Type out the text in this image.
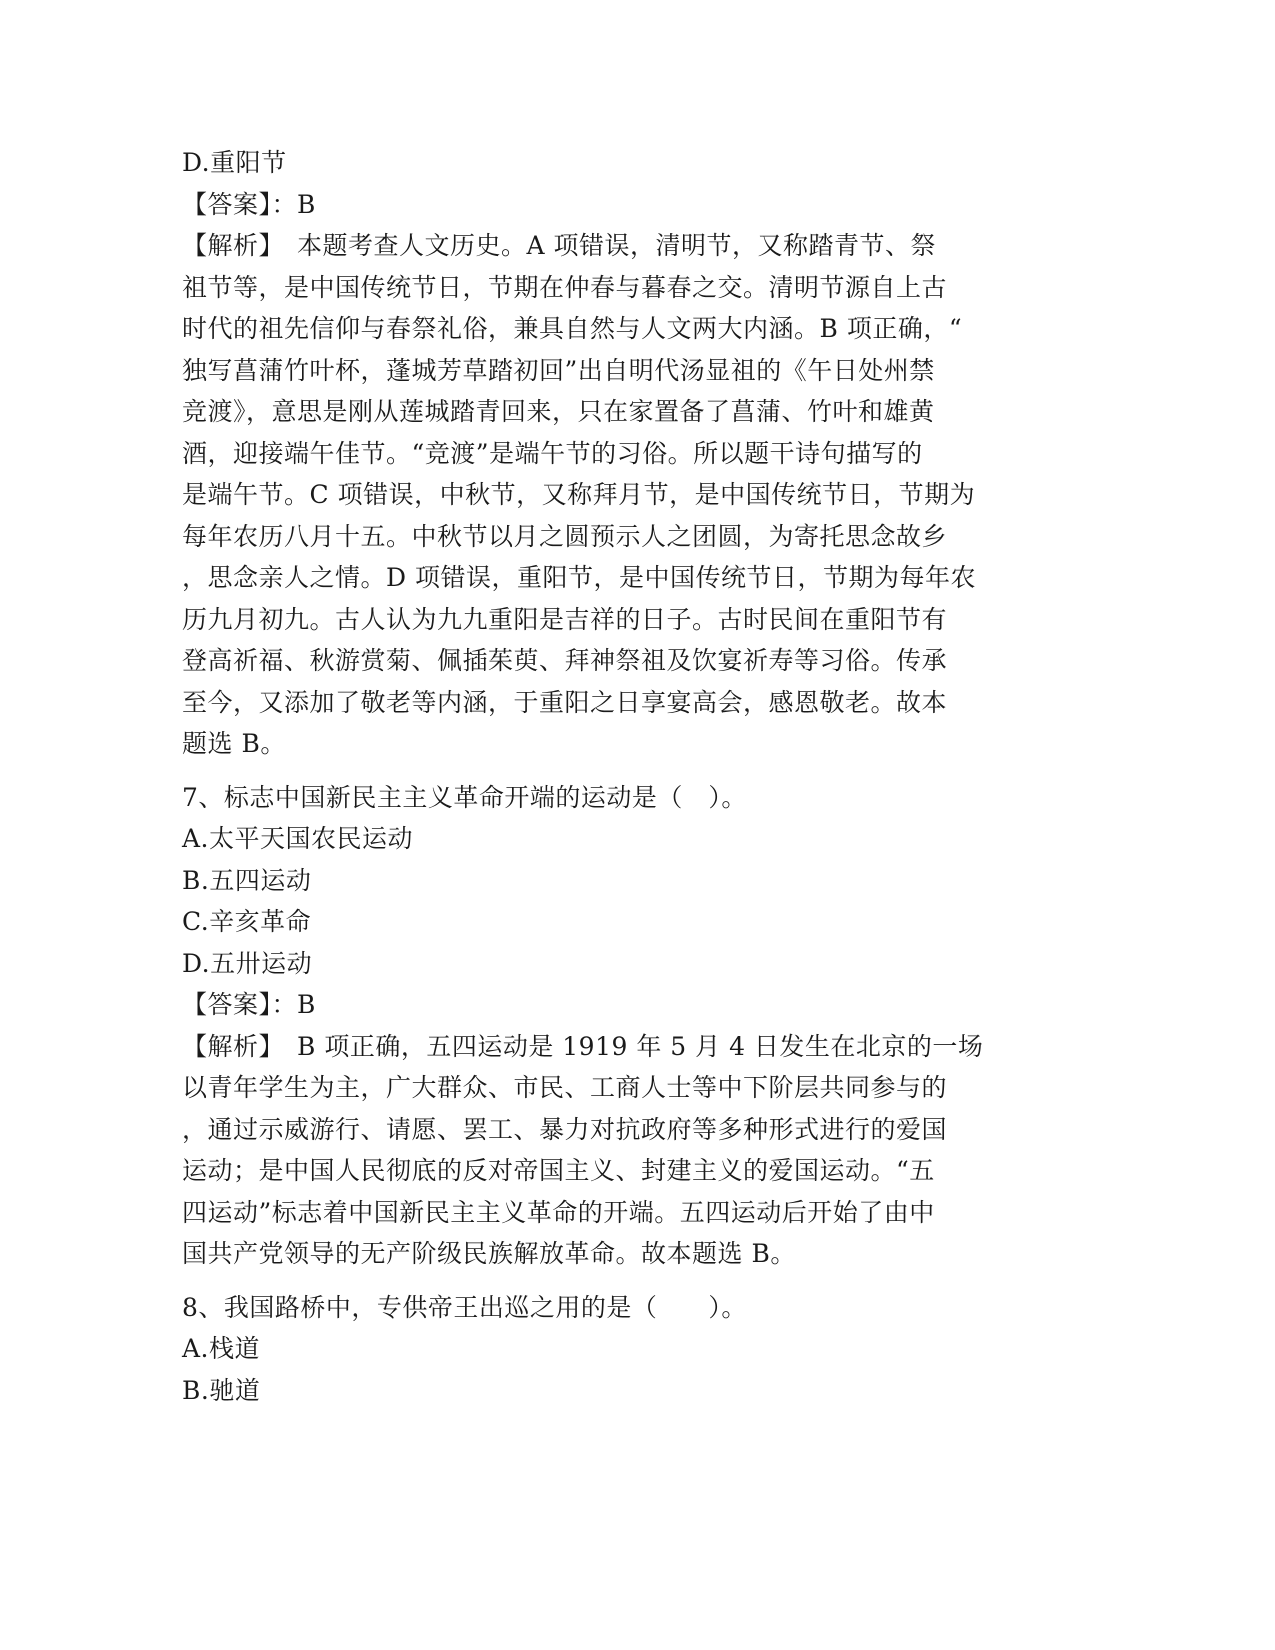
D.重阳节

【答案】：B

【解析】　本题考查人文历史。A 项错误，清明节，又称踏青节、祭

祖节等，是中国传统节日，节期在仲春与暮春之交。清明节源自上古

时代的祖先信仰与春祭礼俗，兼具自然与人文两大内涵。B 项正确，“

独写菖蒲竹叶杯，蓬城芳草踏初回”出自明代汤显祖的《午日处州禁

竞渡》，意思是刚从莲城踏青回来，只在家置备了菖蒲、竹叶和雄黄

酒，迎接端午佳节。“竞渡”是端午节的习俗。所以题干诗句描写的

是端午节。C 项错误，中秋节，又称拜月节，是中国传统节日，节期为

每年农历八月十五。中秋节以月之圆预示人之团圆，为寄托思念故乡

，思念亲人之情。D 项错误，重阳节，是中国传统节日，节期为每年农

历九月初九。古人认为九九重阳是吉祥的日子。古时民间在重阳节有

登高祈福、秋游赏菊、佩插茱萸、拜神祭祖及饮宴祈寿等习俗。传承

至今，又添加了敬老等内涵，于重阳之日享宴高会，感恩敬老。故本

题选 B。

7、标志中国新民主主义革命开端的运动是（　）。

A.太平天国农民运动

B.五四运动

C.辛亥革命

D.五卅运动

【答案】：B

【解析】　B 项正确，五四运动是 1919 年 5 月 4 日发生在北京的一场

以青年学生为主，广大群众、市民、工商人士等中下阶层共同参与的

，通过示威游行、请愿、罢工、暴力对抗政府等多种形式进行的爱国

运动；是中国人民彻底的反对帝国主义、封建主义的爱国运动。“五

四运动”标志着中国新民主主义革命的开端。五四运动后开始了由中

国共产党领导的无产阶级民族解放革命。故本题选 B。

8、我国路桥中，专供帝王出巡之用的是（　　）。

A.栈道

B.驰道
